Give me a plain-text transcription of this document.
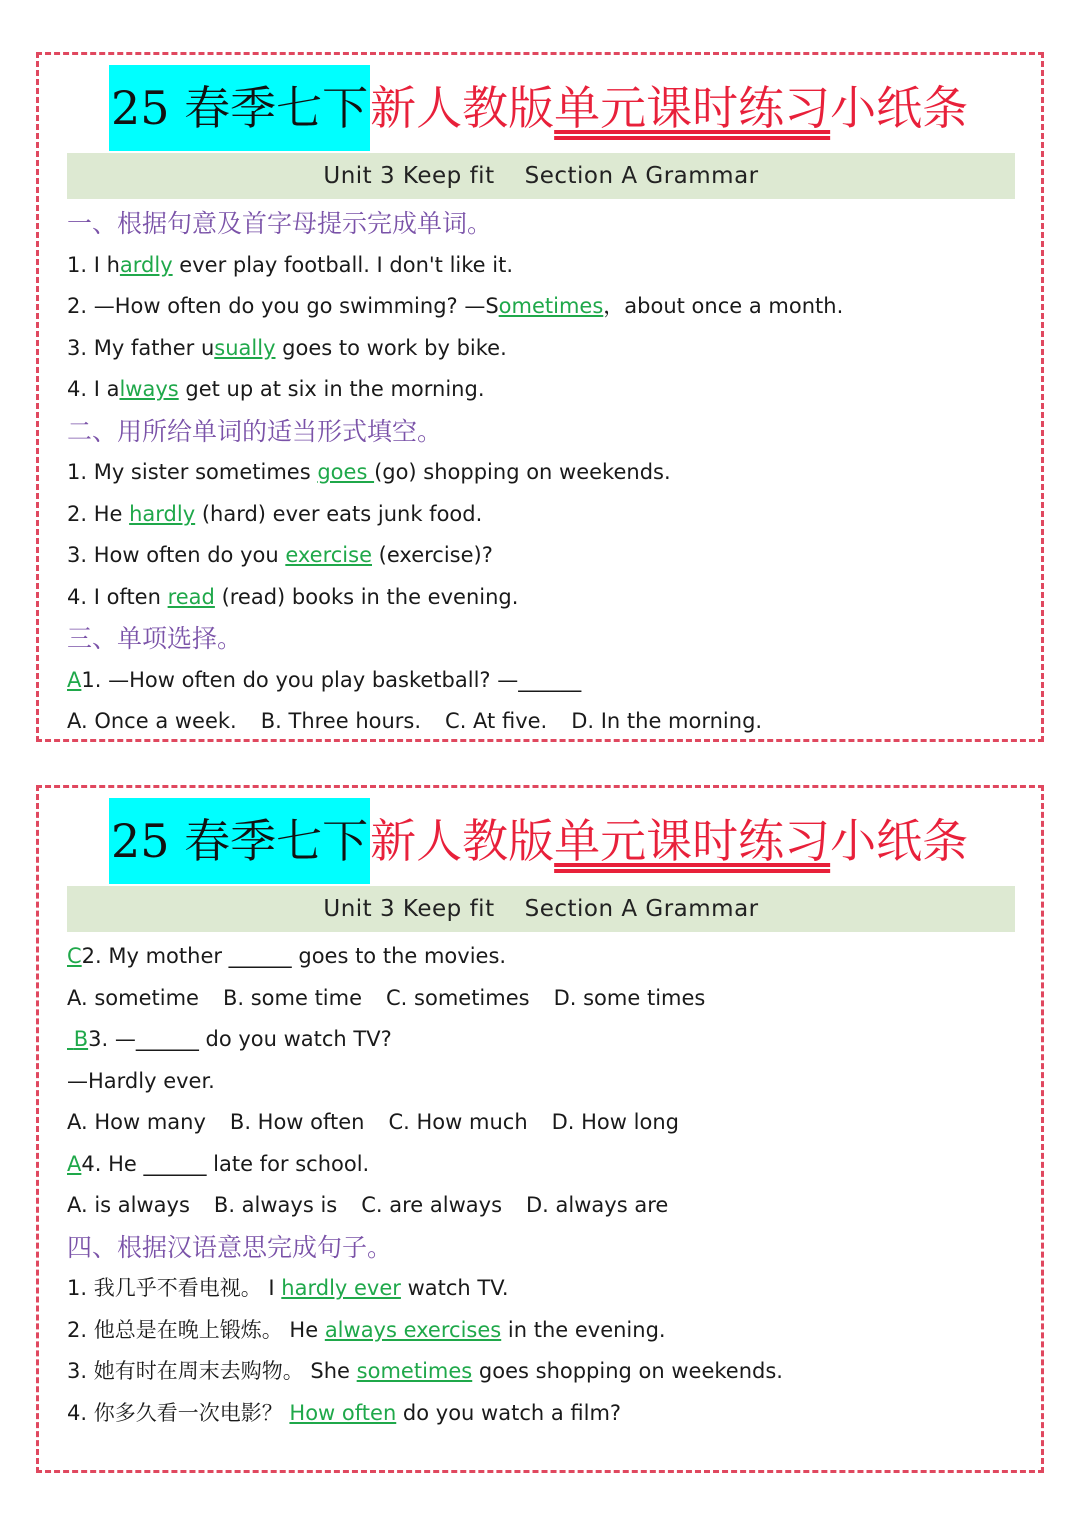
25 春季七下 新人教版单元课时练习小纸条
Unit 3 Keep fit Section A Grammar
一、根据句意及首字母提示完成单词。
1. I hardly ever play football. I don't like it.
2. —How often do you go swimming? —Sometimes，about once a month.
3. My father usually goes to work by bike.
4. I always get up at six in the morning.
二、用所给单词的适当形式填空。
1. My sister sometimes goes (go) shopping on weekends.
2. He hardly (hard) ever eats junk food.
3. How often do you exercise (exercise)?
4. I often read (read) books in the evening.
三、单项选择。
A1. —How often do you play basketball? —______
A. Once a week. B. Three hours. C. At five. D. In the morning.
25 春季七下 新人教版单元课时练习小纸条
Unit 3 Keep fit Section A Grammar
C2. My mother ______ goes to the movies.
A. sometime B. some time C. sometimes D. some times
B3. —______ do you watch TV?
—Hardly ever.
A. How many B. How often C. How much D. How long
A4. He ______ late for school.
A. is always B. always is C. are always D. always are
四、根据汉语意思完成句子。
1. 我几乎不看电视。 I hardly ever watch TV.
2. 他总是在晚上锻炼。 He always exercises in the evening.
3. 她有时在周末去购物。 She sometimes goes shopping on weekends.
4. 你多久看一次电影？ How often do you watch a film?
